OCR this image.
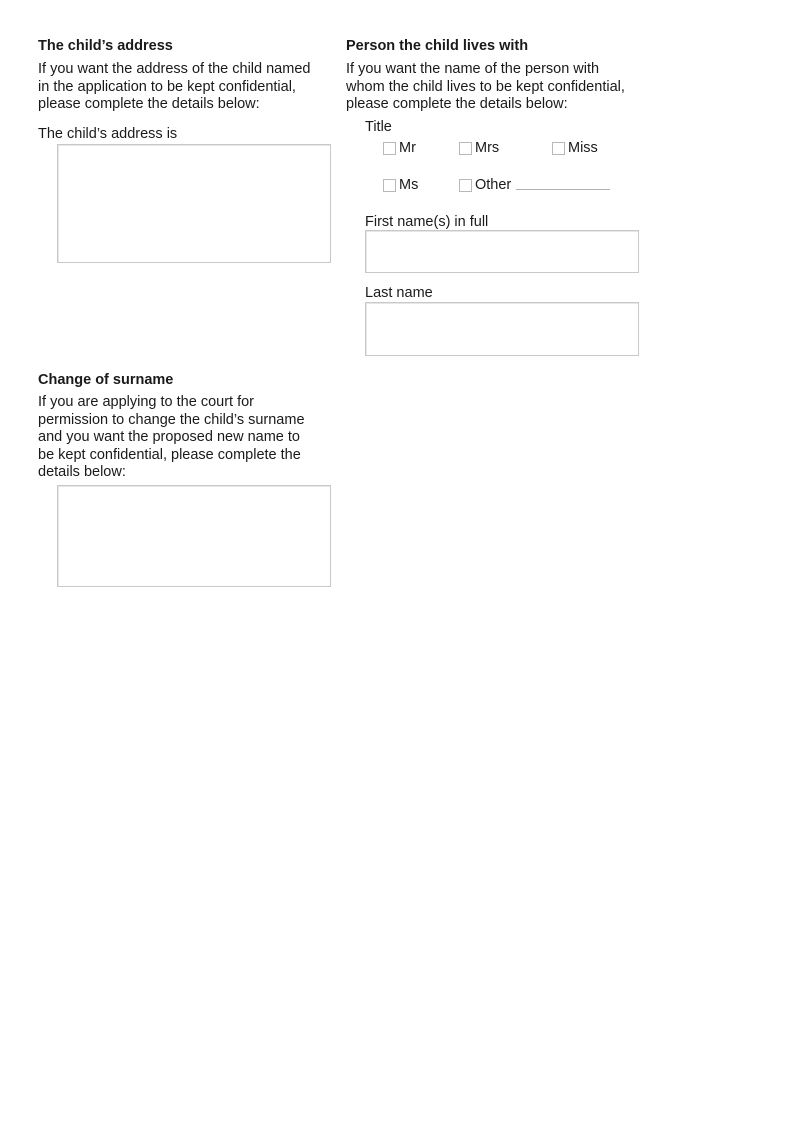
The child’s address
If you want the address of the child named
in the application to be kept confidential,
please complete the details below:
The child’s address is
Person the child lives with
If you want the name of the person with
whom the child lives to be kept confidential,
please complete the details below:
Title
Mr	Mrs	Miss
Ms	Other
First name(s) in full
Last name
Change of surname
If you are applying to the court for
permission to change the child’s surname
and you want the proposed new name to
be kept confidential, please complete the
details below:
